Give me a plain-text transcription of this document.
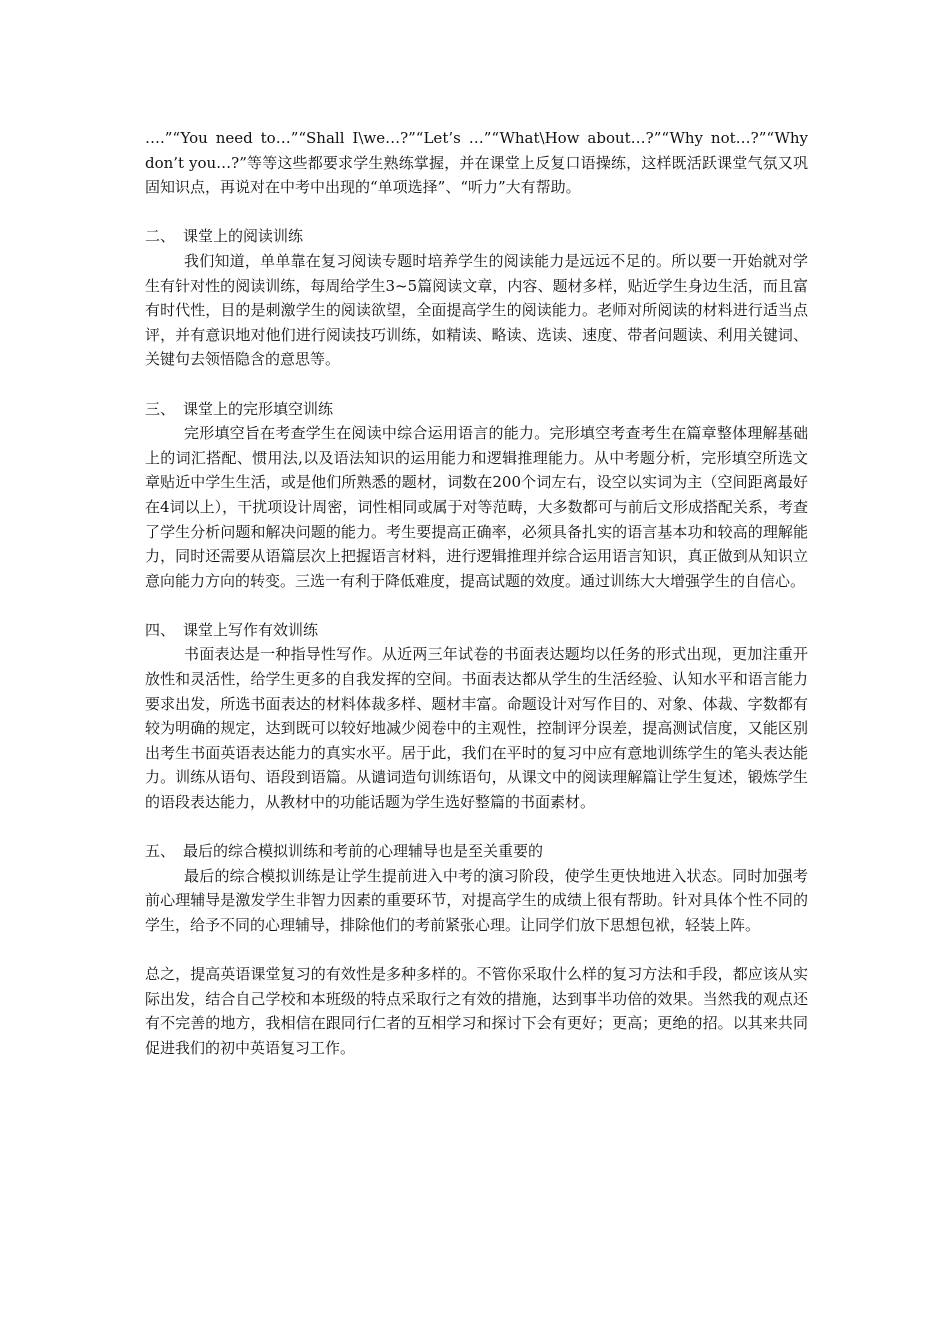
….”“You need to…”“Shall I\we…?”“Let’s …”“What\How about…?”“Why not…?”“Why don’t you…?”等等这些都要求学生熟练掌握，并在课堂上反复口语操练，这样既活跃课堂气氛又巩固知识点，再说对在中考中出现的“单项选择”、“听力”大有帮助。

二、 课堂上的阅读训练

我们知道，单单靠在复习阅读专题时培养学生的阅读能力是远远不足的。所以要一开始就对学生有针对性的阅读训练，每周给学生3~5篇阅读文章，内容、题材多样，贴近学生身边生活，而且富有时代性，目的是刺激学生的阅读欲望，全面提高学生的阅读能力。老师对所阅读的材料进行适当点评，并有意识地对他们进行阅读技巧训练，如精读、略读、选读、速度、带者问题读、利用关键词、关键句去领悟隐含的意思等。

三、 课堂上的完形填空训练

完形填空旨在考查学生在阅读中综合运用语言的能力。完形填空考查考生在篇章整体理解基础上的词汇搭配、惯用法,以及语法知识的运用能力和逻辑推理能力。从中考题分析，完形填空所选文章贴近中学生生活，或是他们所熟悉的题材，词数在200个词左右，设空以实词为主（空间距离最好在4词以上），干扰项设计周密，词性相同或属于对等范畴，大多数都可与前后文形成搭配关系，考查了学生分析问题和解决问题的能力。考生要提高正确率，必须具备扎实的语言基本功和较高的理解能力，同时还需要从语篇层次上把握语言材料，进行逻辑推理并综合运用语言知识，真正做到从知识立意向能力方向的转变。三选一有利于降低难度，提高试题的效度。通过训练大大增强学生的自信心。

四、 课堂上写作有效训练

书面表达是一种指导性写作。从近两三年试卷的书面表达题均以任务的形式出现，更加注重开放性和灵活性，给学生更多的自我发挥的空间。书面表达都从学生的生活经验、认知水平和语言能力要求出发，所选书面表达的材料体裁多样、题材丰富。命题设计对写作目的、对象、体裁、字数都有较为明确的规定，达到既可以较好地减少阅卷中的主观性，控制评分误差，提高测试信度，又能区别出考生书面英语表达能力的真实水平。居于此，我们在平时的复习中应有意地训练学生的笔头表达能力。训练从语句、语段到语篇。从谴词造句训练语句，从课文中的阅读理解篇让学生复述，锻炼学生的语段表达能力，从教材中的功能话题为学生选好整篇的书面素材。

五、 最后的综合模拟训练和考前的心理辅导也是至关重要的

最后的综合模拟训练是让学生提前进入中考的演习阶段，使学生更快地进入状态。同时加强考前心理辅导是激发学生非智力因素的重要环节，对提高学生的成绩上很有帮助。针对具体个性不同的学生，给予不同的心理辅导，排除他们的考前紧张心理。让同学们放下思想包袱，轻装上阵。

总之，提高英语课堂复习的有效性是多种多样的。不管你采取什么样的复习方法和手段，都应该从实际出发，结合自己学校和本班级的特点采取行之有效的措施，达到事半功倍的效果。当然我的观点还有不完善的地方，我相信在跟同行仁者的互相学习和探讨下会有更好；更高；更绝的招。以其来共同促进我们的初中英语复习工作。
